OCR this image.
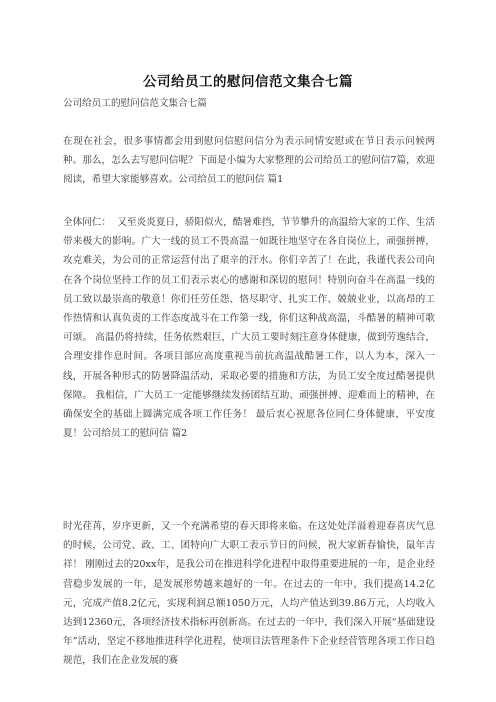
公司给员工的慰问信范文集合七篇
公司给员工的慰问信范文集合七篇
在现在社会，很多事情都会用到慰问信慰问信分为表示同情安慰或在节日表示问候两种。那么，怎么去写慰问信呢？下面是小编为大家整理的公司给员工的慰问信7篇，欢迎阅读，希望大家能够喜欢。公司给员工的慰问信 篇1
全体同仁：  又至炎炎夏日，骄阳似火，酷暑难挡，节节攀升的高温给大家的工作、生活带来极大的影响。广大一线的员工不畏高温一如既往地坚守在各自岗位上，顽强拼搏，攻克难关，为公司的正常运营付出了艰辛的汗水。你们辛苦了！在此，我谨代表公司向在各个岗位坚持工作的员工们表示衷心的感谢和深切的慰问！特别向奋斗在高温一线的员工致以最崇高的敬意！你们任劳任怨、恪尽职守、扎实工作、兢兢业业，以高昂的工作热情和认真负责的工作态度战斗在工作第一线，你们这种战高温，斗酷暑的精神可歌可颂。 高温仍将持续，任务依然艰巨，广大员工要时刻注意身体健康，做到劳逸结合，合理安排作息时间。各项目部应高度重视当前抗高温战酷暑工作，以人为本，深入一线，开展各种形式的防暑降温活动，采取必要的措施和方法，为员工安全度过酷暑提供保障。 我相信，广大员工一定能够继续发扬团结互助、顽强拼搏、迎难而上的精神，在确保安全的基础上圆满完成各项工作任务！ 最后衷心祝愿各位同仁身体健康，平安度夏！公司给员工的慰问信 篇2
时光荏苒，岁序更新，又一个充满希望的春天即将来临。在这处处洋溢着迎春喜庆气息的时候，公司党、政、工、团特向广大职工表示节日的问候，祝大家新春愉快，鼠年吉祥！ 刚刚过去的20xx年，是我公司在推进科学化进程中取得重要进展的一年，是企业经营稳步发展的一年，是发展形势越来越好的一年。在过去的一年中，我们提高14.2亿元，完成产值8.2亿元，实现利润总额1050万元，人均产值达到39.86万元，人均收入达到12360元，各项经济技术指标再创新高。在过去的一年中，我们深入开展“基础建设年”活动，坚定不移地推进科学化进程，使项目法管理条件下企业经营管理各项工作日趋规范，我们在企业发展的赛
